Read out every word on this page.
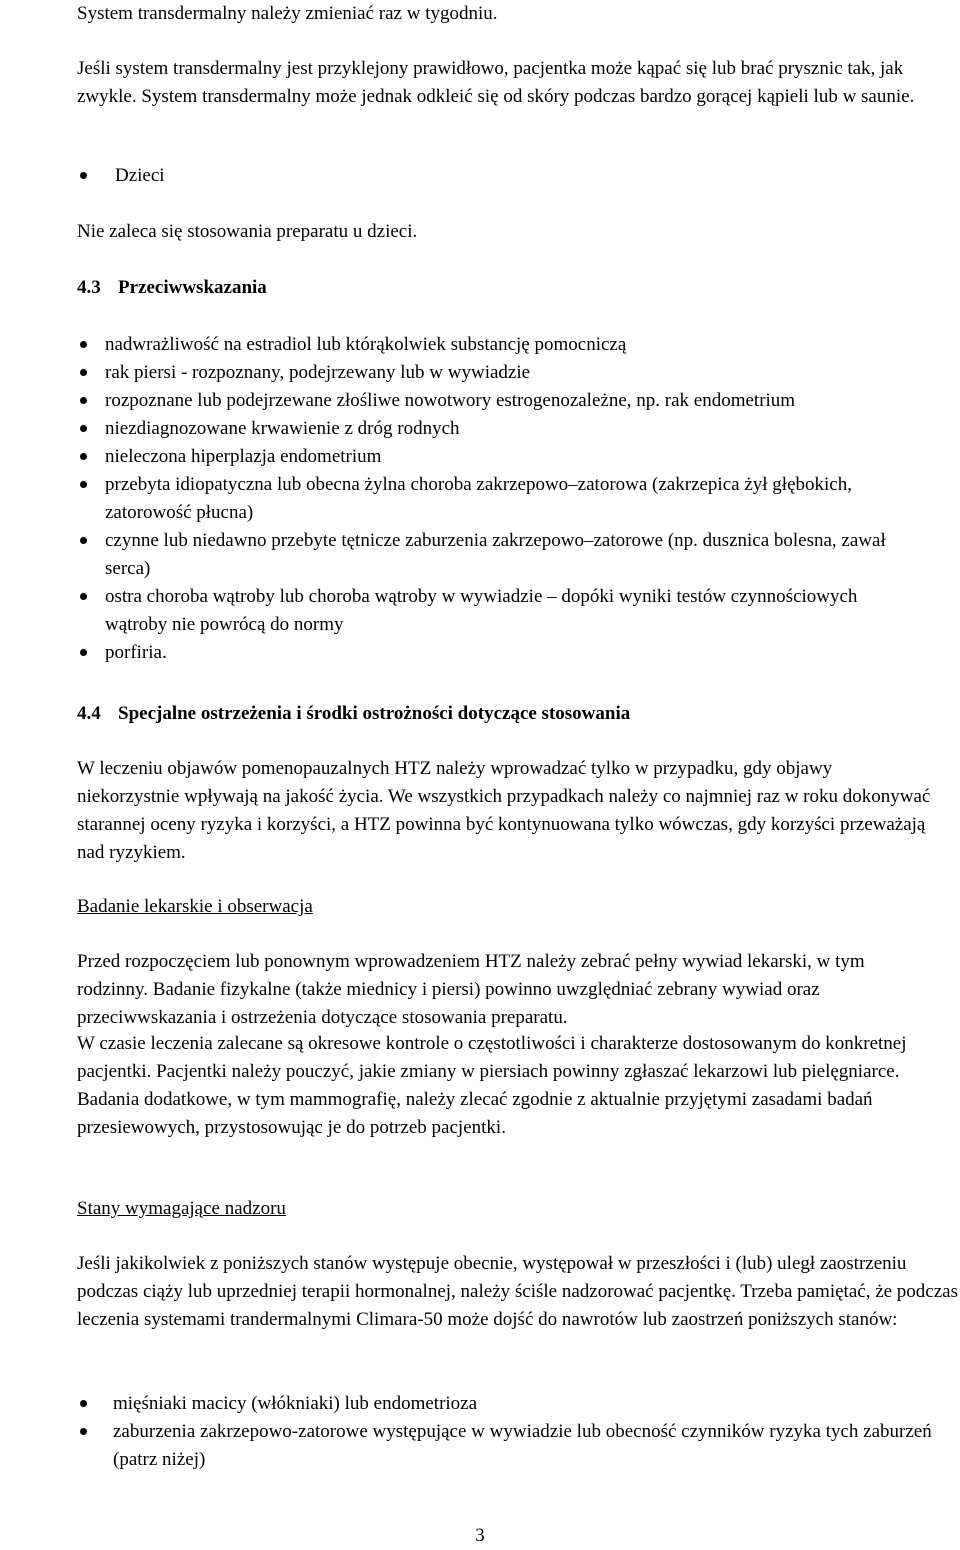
System transdermalny należy zmieniać raz w tygodniu.

Jeśli system transdermalny jest przyklejony prawidłowo, pacjentka może kąpać się lub brać prysznic tak, jak zwykle. System transdermalny może jednak odkleić się od skóry podczas bardzo gorącej kąpieli lub w saunie.

Dzieci

Nie zaleca się stosowania preparatu u dzieci.

4.3 Przeciwwskazania

nadwrażliwość na estradiol lub którąkolwiek substancję pomocniczą

rak piersi - rozpoznany, podejrzewany lub w wywiadzie

rozpoznane lub podejrzewane złośliwe nowotwory estrogenozależne, np. rak endometrium

niezdiagnozowane krwawienie z dróg rodnych

nieleczona hiperplazja endometrium

przebyta idiopatyczna lub obecna żylna choroba zakrzepowo–zatorowa (zakrzepica żył głębokich, zatorowość płucna)

czynne lub niedawno przebyte tętnicze zaburzenia zakrzepowo–zatorowe (np. dusznica bolesna, zawał serca)

ostra choroba wątroby lub choroba wątroby w wywiadzie – dopóki wyniki testów czynnościowych wątroby nie powrócą do normy

porfiria.

4.4 Specjalne ostrzeżenia i środki ostrożności dotyczące stosowania

W leczeniu objawów pomenopauzalnych HTZ należy wprowadzać tylko w przypadku, gdy objawy niekorzystnie wpływają na jakość życia. We wszystkich przypadkach należy co najmniej raz w roku dokonywać starannej oceny ryzyka i korzyści, a HTZ powinna być kontynuowana tylko wówczas, gdy korzyści przeważają nad ryzykiem.

Badanie lekarskie i obserwacja

Przed rozpoczęciem lub ponownym wprowadzeniem HTZ należy zebrać pełny wywiad lekarski, w tym rodzinny. Badanie fizykalne (także miednicy i piersi) powinno uwzględniać zebrany wywiad oraz przeciwwskazania i ostrzeżenia dotyczące stosowania preparatu.

W czasie leczenia zalecane są okresowe kontrole o częstotliwości i charakterze dostosowanym do konkretnej pacjentki. Pacjentki należy pouczyć, jakie zmiany w piersiach powinny zgłaszać lekarzowi lub pielęgniarce. Badania dodatkowe, w tym mammografię, należy zlecać zgodnie z aktualnie przyjętymi zasadami badań przesiewowych, przystosowując je do potrzeb pacjentki.

Stany wymagające nadzoru

Jeśli jakikolwiek z poniższych stanów występuje obecnie, występował w przeszłości i (lub) uległ zaostrzeniu podczas ciąży lub uprzedniej terapii hormonalnej, należy ściśle nadzorować pacjentkę. Trzeba pamiętać, że podczas leczenia systemami trandermalnymi Climara-50 może dojść do nawrotów lub zaostrzeń poniższych stanów:

mięśniaki macicy (włókniaki) lub endometrioza

zaburzenia zakrzepowo-zatorowe występujące w wywiadzie lub obecność czynników ryzyka tych zaburzeń (patrz niżej)

3
